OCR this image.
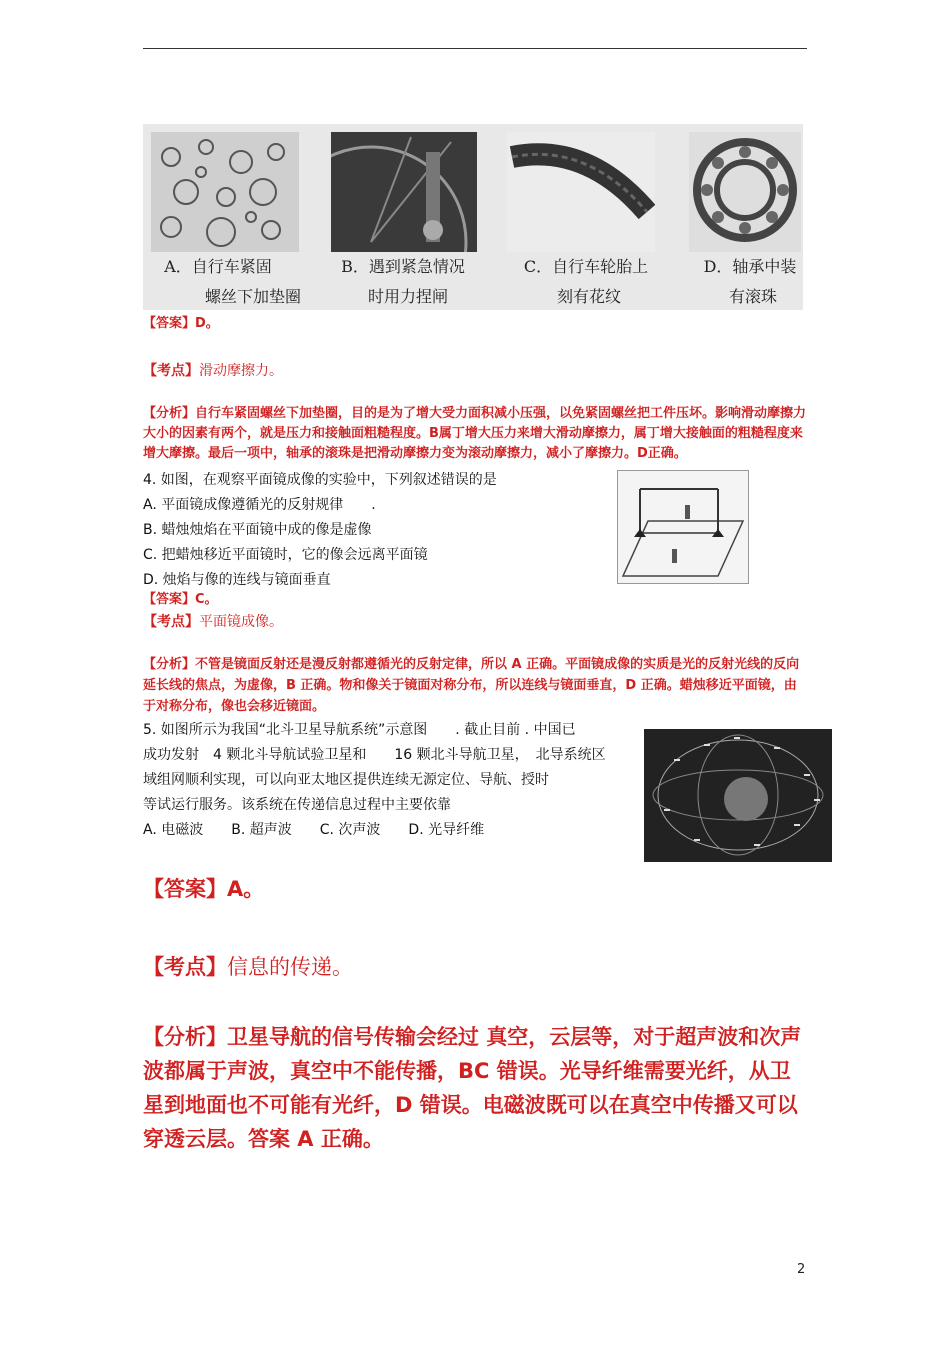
A．自行车紧固
螺丝下加垫圈
B．遇到紧急情况
时用力捏闸
C．自行车轮胎上
刻有花纹
D．轴承中装
有滚珠
【答案】D。
【考点】滑动摩擦力。
【分析】自行车紧固螺丝下加垫圈，目的是为了增大受力面积减小压强，以免紧固螺丝把工件压坏。影响滑动摩擦力大小的因素有两个，就是压力和接触面粗糙程度。B属丁增大压力来增大滑动摩擦力，属丁增大接触面的粗糙程度来增大摩擦。最后一项中，轴承的滚珠是把滑动摩擦力变为滚动摩擦力，减小了摩擦力。D正确。
4. 如图，在观察平面镜成像的实验中，下列叙述错误的是
A. 平面镜成像遵循光的反射规律　　.
B. 蜡烛烛焰在平面镜中成的像是虚像
C. 把蜡烛移近平面镜时，它的像会远离平面镜
D. 烛焰与像的连线与镜面垂直
【答案】C。
【考点】平面镜成像。
【分析】不管是镜面反射还是漫反射都遵循光的反射定律，所以 A 正确。平面镜成像的实质是光的反射光线的反向延长线的焦点，为虚像，B 正确。物和像关于镜面对称分布，所以连线与镜面垂直，D 正确。蜡烛移近平面镜，由于对称分布，像也会移近镜面。
5. 如图所示为我国“北斗卫星导航系统”示意图　　. 截止目前 . 中国已
成功发射　4 颗北斗导航试验卫星和　　16 颗北斗导航卫星，　北导系统区
域组网顺利实现，可以向亚太地区提供连续无源定位、导航、授时
等试运行服务。该系统在传递信息过程中主要依靠
A. 电磁波　　B. 超声波　　C. 次声波　　D. 光导纤维
【答案】A。
【考点】信息的传递。
【分析】卫星导航的信号传输会经过 真空，云层等，对于超声波和次声波都属于声波，真空中不能传播，BC 错误。光导纤维需要光纤，从卫星到地面也不可能有光纤，D 错误。电磁波既可以在真空中传播又可以穿透云层。答案 A 正确。
2
